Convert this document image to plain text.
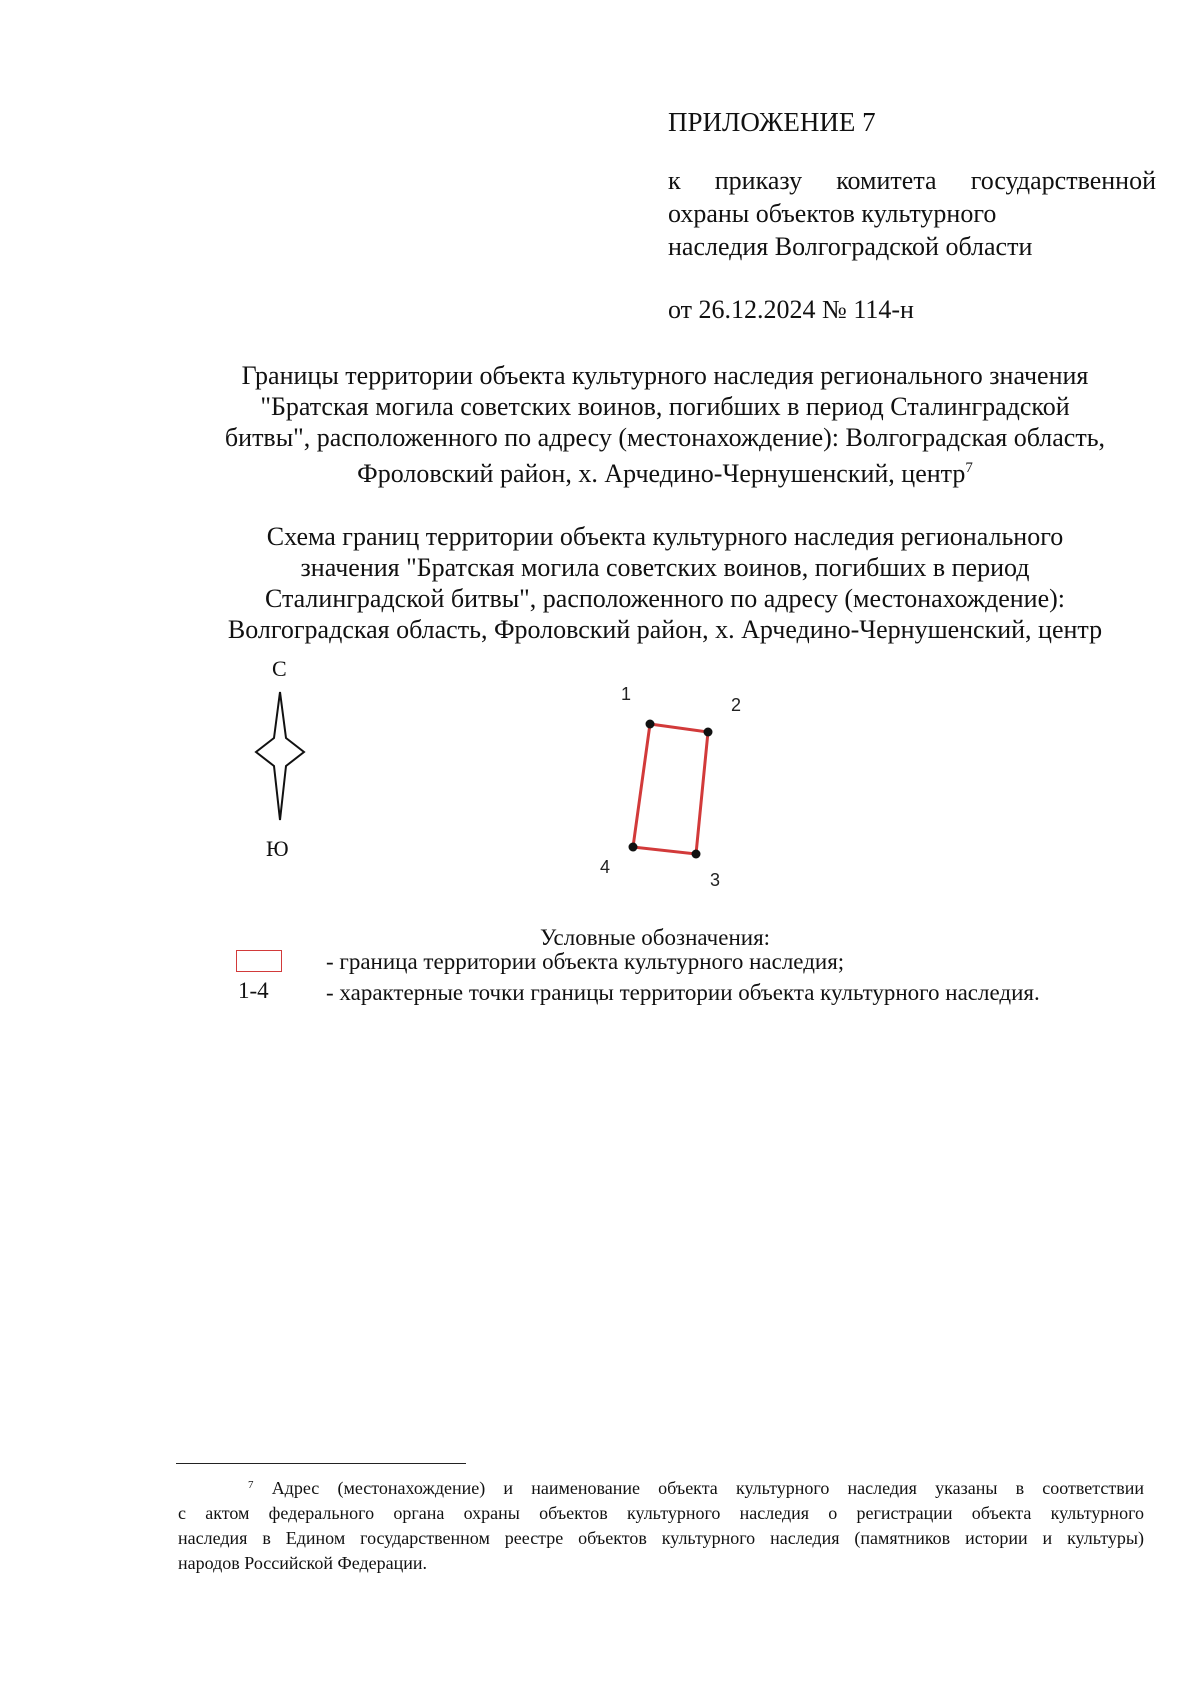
ПРИЛОЖЕНИЕ 7
к приказу комитета государственной
охраны объектов культурного
наследия Волгоградской области
от 26.12.2024 № 114-н
Границы территории объекта культурного наследия регионального значения
"Братская могила советских воинов, погибших в период Сталинградской
битвы", расположенного по адресу (местонахождение): Волгоградская область,
Фроловский район, х. Арчедино-Чернушенский, центр$^7$
Схема границ территории объекта культурного наследия регионального
значения "Братская могила советских воинов, погибших в период
Сталинградской битвы", расположенного по адресу (местонахождение):
Волгоградская область, Фроловский район, х. Арчедино-Чернушенский, центр
С
Ю
1
2
3
4
Условные обозначения:
- граница территории объекта культурного наследия;
1-4 - характерные точки границы территории объекта культурного наследия.
$^7$ Адрес (местонахождение) и наименование объекта культурного наследия указаны в соответствии
с актом федерального органа охраны объектов культурного наследия о регистрации объекта культурного
наследия в Едином государственном реестре объектов культурного наследия (памятников истории и культуры)
народов Российской Федерации.
